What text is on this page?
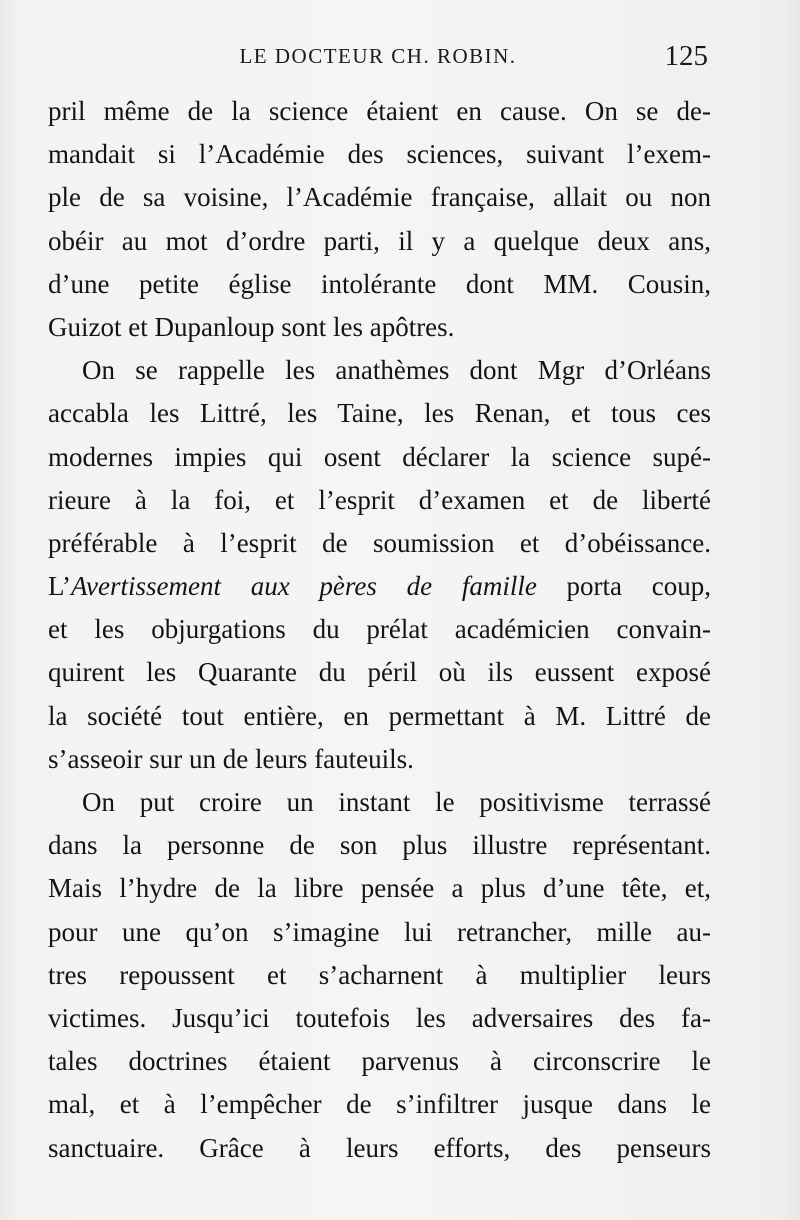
LE DOCTEUR CH. ROBIN.	125
pril même de la science étaient en cause. On se de-
mandait si l’Académie des sciences, suivant l’exem-
ple de sa voisine, l’Académie française, allait ou non
obéir au mot d’ordre parti, il y a quelque deux ans,
d’une petite église intolérante dont MM. Cousin,
Guizot et Dupanloup sont les apôtres.
On se rappelle les anathèmes dont Mgr d’Orléans
accabla les Littré, les Taine, les Renan, et tous ces
modernes impies qui osent déclarer la science supé-
rieure à la foi, et l’esprit d’examen et de liberté
préférable à l’esprit de soumission et d’obéissance.
L’Avertissement aux pères de famille porta coup,
et les objurgations du prélat académicien convain-
quirent les Quarante du péril où ils eussent exposé
la société tout entière, en permettant à M. Littré de
s’asseoir sur un de leurs fauteuils.
On put croire un instant le positivisme terrassé
dans la personne de son plus illustre représentant.
Mais l’hydre de la libre pensée a plus d’une tête, et,
pour une qu’on s’imagine lui retrancher, mille au-
tres repoussent et s’acharnent à multiplier leurs
victimes. Jusqu’ici toutefois les adversaires des fa-
tales doctrines étaient parvenus à circonscrire le
mal, et à l’empêcher de s’infiltrer jusque dans le
sanctuaire. Grâce à leurs efforts, des penseurs
